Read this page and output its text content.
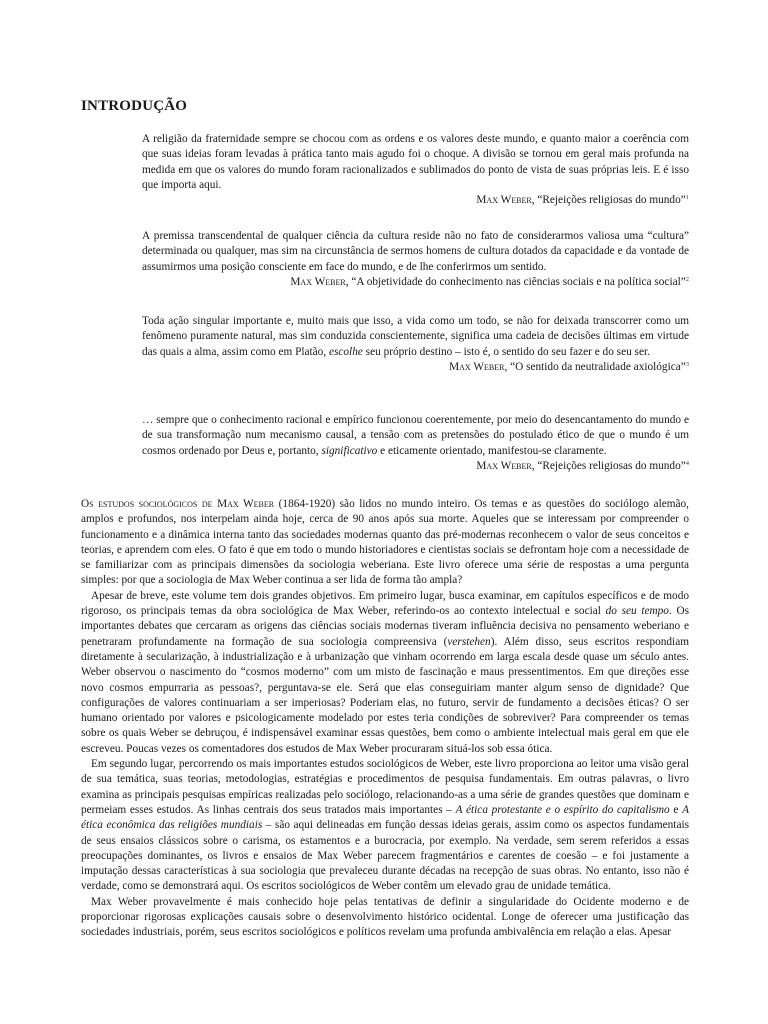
INTRODUÇÃO

A religião da fraternidade sempre se chocou com as ordens e os valores deste mundo, e quanto maior a coerência com que suas ideias foram levadas à prática tanto mais agudo foi o choque. A divisão se tornou em geral mais profunda na medida em que os valores do mundo foram racionalizados e sublimados do ponto de vista de suas próprias leis. E é isso que importa aqui.

Max Weber, “Rejeições religiosas do mundo”$^1$

A premissa transcendental de qualquer ciência da cultura reside não no fato de considerarmos valiosa uma “cultura” determinada ou qualquer, mas sim na circunstância de sermos homens de cultura dotados da capacidade e da vontade de assumirmos uma posição consciente em face do mundo, e de lhe conferirmos um sentido.

Max Weber, “A objetividade do conhecimento nas ciências sociais e na política social”$^2$

Toda ação singular importante e, muito mais que isso, a vida como um todo, se não for deixada transcorrer como um fenômeno puramente natural, mas sim conduzida conscientemente, significa uma cadeia de decisões últimas em virtude das quais a alma, assim como em Platão, escolhe seu próprio destino – isto é, o sentido do seu fazer e do seu ser.

Max Weber, “O sentido da neutralidade axiológica”$^3$

… sempre que o conhecimento racional e empírico funcionou coerentemente, por meio do desencantamento do mundo e de sua transformação num mecanismo causal, a tensão com as pretensões do postulado ético de que o mundo é um cosmos ordenado por Deus e, portanto, significativo e eticamente orientado, manifestou-se claramente.

Max Weber, “Rejeições religiosas do mundo”$^4$

Os estudos sociológicos de Max Weber (1864-1920) são lidos no mundo inteiro. Os temas e as questões do sociólogo alemão, amplos e profundos, nos interpelam ainda hoje, cerca de 90 anos após sua morte. Aqueles que se interessam por compreender o funcionamento e a dinâmica interna tanto das sociedades modernas quanto das pré-modernas reconhecem o valor de seus conceitos e teorias, e aprendem com eles. O fato é que em todo o mundo historiadores e cientistas sociais se defrontam hoje com a necessidade de se familiarizar com as principais dimensões da sociologia weberiana. Este livro oferece uma série de respostas a uma pergunta simples: por que a sociologia de Max Weber continua a ser lida de forma tão ampla?

Apesar de breve, este volume tem dois grandes objetivos. Em primeiro lugar, busca examinar, em capítulos específicos e de modo rigoroso, os principais temas da obra sociológica de Max Weber, referindo-os ao contexto intelectual e social do seu tempo. Os importantes debates que cercaram as origens das ciências sociais modernas tiveram influência decisiva no pensamento weberiano e penetraram profundamente na formação de sua sociologia compreensiva (verstehen). Além disso, seus escritos respondiam diretamente à secularização, à industrialização e à urbanização que vinham ocorrendo em larga escala desde quase um século antes. Weber observou o nascimento do “cosmos moderno” com um misto de fascinação e maus pressentimentos. Em que direções esse novo cosmos empurraria as pessoas?, perguntava-se ele. Será que elas conseguiriam manter algum senso de dignidade? Que configurações de valores continuariam a ser imperiosas? Poderiam elas, no futuro, servir de fundamento a decisões éticas? O ser humano orientado por valores e psicologicamente modelado por estes teria condições de sobreviver? Para compreender os temas sobre os quais Weber se debruçou, é indispensável examinar essas questões, bem como o ambiente intelectual mais geral em que ele escreveu. Poucas vezes os comentadores dos estudos de Max Weber procuraram situá-los sob essa ótica.

Em segundo lugar, percorrendo os mais importantes estudos sociológicos de Weber, este livro proporciona ao leitor uma visão geral de sua temática, suas teorias, metodologias, estratégias e procedimentos de pesquisa fundamentais. Em outras palavras, o livro examina as principais pesquisas empíricas realizadas pelo sociólogo, relacionando-as a uma série de grandes questões que dominam e permeiam esses estudos. As linhas centrais dos seus tratados mais importantes – A ética protestante e o espírito do capitalismo e A ética econômica das religiões mundiais – são aqui delineadas em função dessas ideias gerais, assim como os aspectos fundamentais de seus ensaios clássicos sobre o carisma, os estamentos e a burocracia, por exemplo. Na verdade, sem serem referidos a essas preocupações dominantes, os livros e ensaios de Max Weber parecem fragmentários e carentes de coesão – e foi justamente a imputação dessas características à sua sociologia que prevaleceu durante décadas na recepção de suas obras. No entanto, isso não é verdade, como se demonstrará aqui. Os escritos sociológicos de Weber contêm um elevado grau de unidade temática.

Max Weber provavelmente é mais conhecido hoje pelas tentativas de definir a singularidade do Ocidente moderno e de proporcionar rigorosas explicações causais sobre o desenvolvimento histórico ocidental. Longe de oferecer uma justificação das sociedades industriais, porém, seus escritos sociológicos e políticos revelam uma profunda ambivalência em relação a elas. Apesar
